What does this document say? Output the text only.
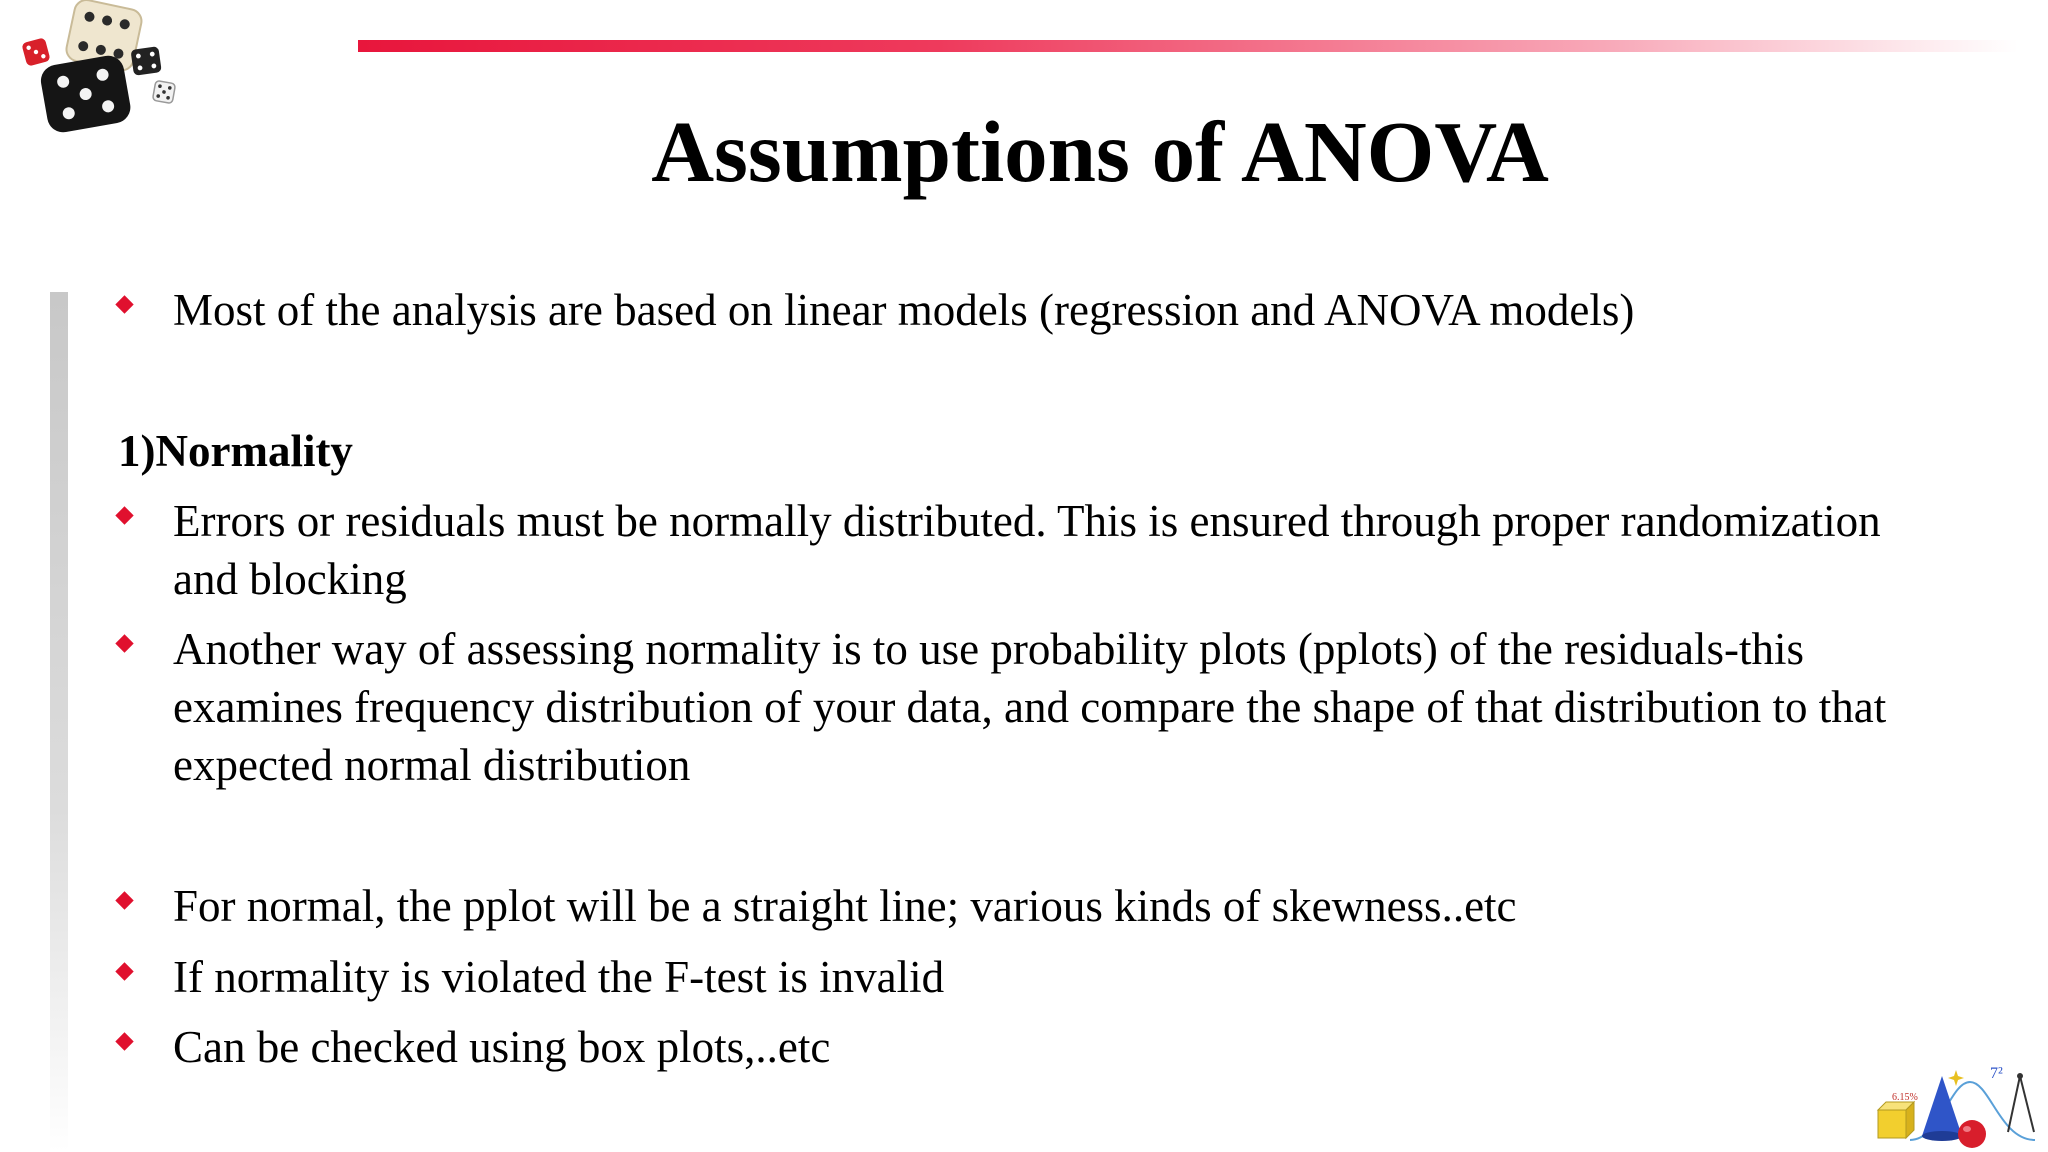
Assumptions of ANOVA
Most of the analysis are based on linear models (regression and ANOVA models)
1)Normality
Errors or residuals must be normally distributed. This is ensured through proper randomization
and blocking
Another way of assessing normality is to use probability plots (pplots) of the residuals-this
examines frequency distribution of your data, and compare the shape of that distribution to that
expected normal distribution
For normal, the pplot will be a straight line; various kinds of skewness..etc
If normality is violated the F-test is invalid
Can be checked using box plots,..etc
6.15%
7²
